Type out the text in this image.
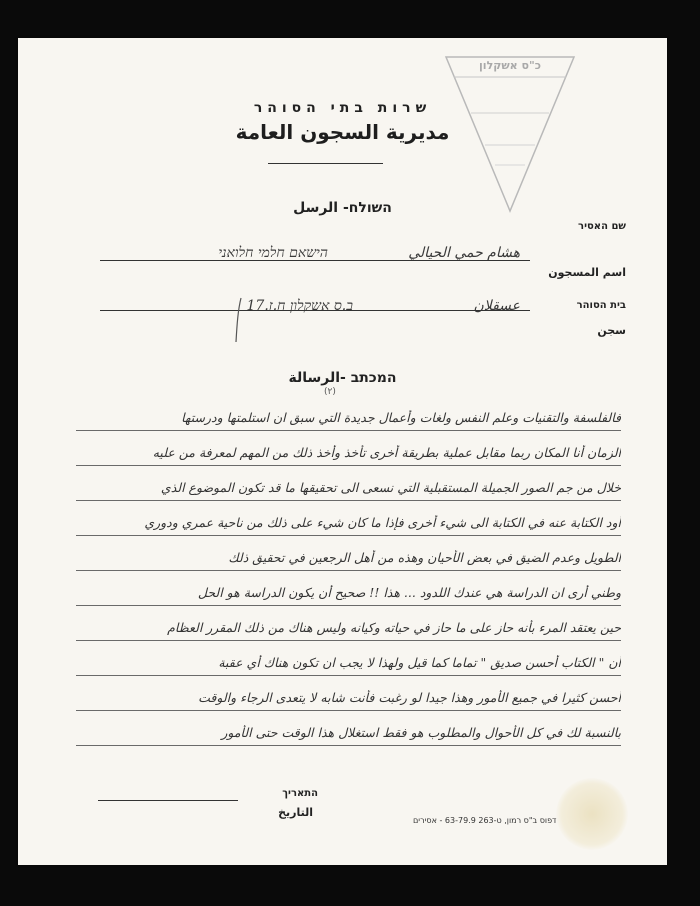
שרות בתי הסוהר
مديرية السجون العامة
כ"ס אשקלון
השולח- الرسل
שם האסיר
اسم المسجون
هشام حمي الحيالي
הישאם חלמי חלואני
בית הסוהר
سجن
عسقلان
ב.ס אשקלון ח.ז.17
המכתב -الرسالة
(٢)
فالفلسفة والتقنيات وعلم النفس ولغات وأعمال جديدة التي سبق ان استلمتها ودرستها
الزمان أنا المكان ربما مقابل عملية بطريقة أخرى تأخذ وأخذ ذلك من المهم لمعرفة من عليه
خلال من جم الصور الجميلة المستقبلية التي نسعى الى تحقيقها ما قد تكون الموضوع الذي
أود الكتابة عنه في الكتابة الى شيء أخرى فإذا ما كان شيء على ذلك من ناحية عمري ودوري
الطويل وعدم الضيق في بعض الأحيان وهذه من أهل الرجعين في تحقيق ذلك
وطني أرى ان الدراسة هي عندك اللدود ... هذا !! صحيح أن يكون الدراسة هو الحل
حين يعتقد المرء بأنه حاز على ما حاز في حياته وكيانه وليس هناك من ذلك المقرر العظام
أن " الكتاب أحسن صديق " تماما كما قيل ولهذا لا يجب ان تكون هناك أي عقبة
أحسن كثيرا في جميع الأمور وهذا جيدا لو رغبت فأنت شابه لا يتعدى الرجاء والوقت
بالنسبة لك في كل الأحوال والمطلوب هو فقط استغلال هذا الوقت حتى الأمور
התאריך
التاريخ
דפוס ב"ס רמון, ט-263 63-79.9 - אסירים
